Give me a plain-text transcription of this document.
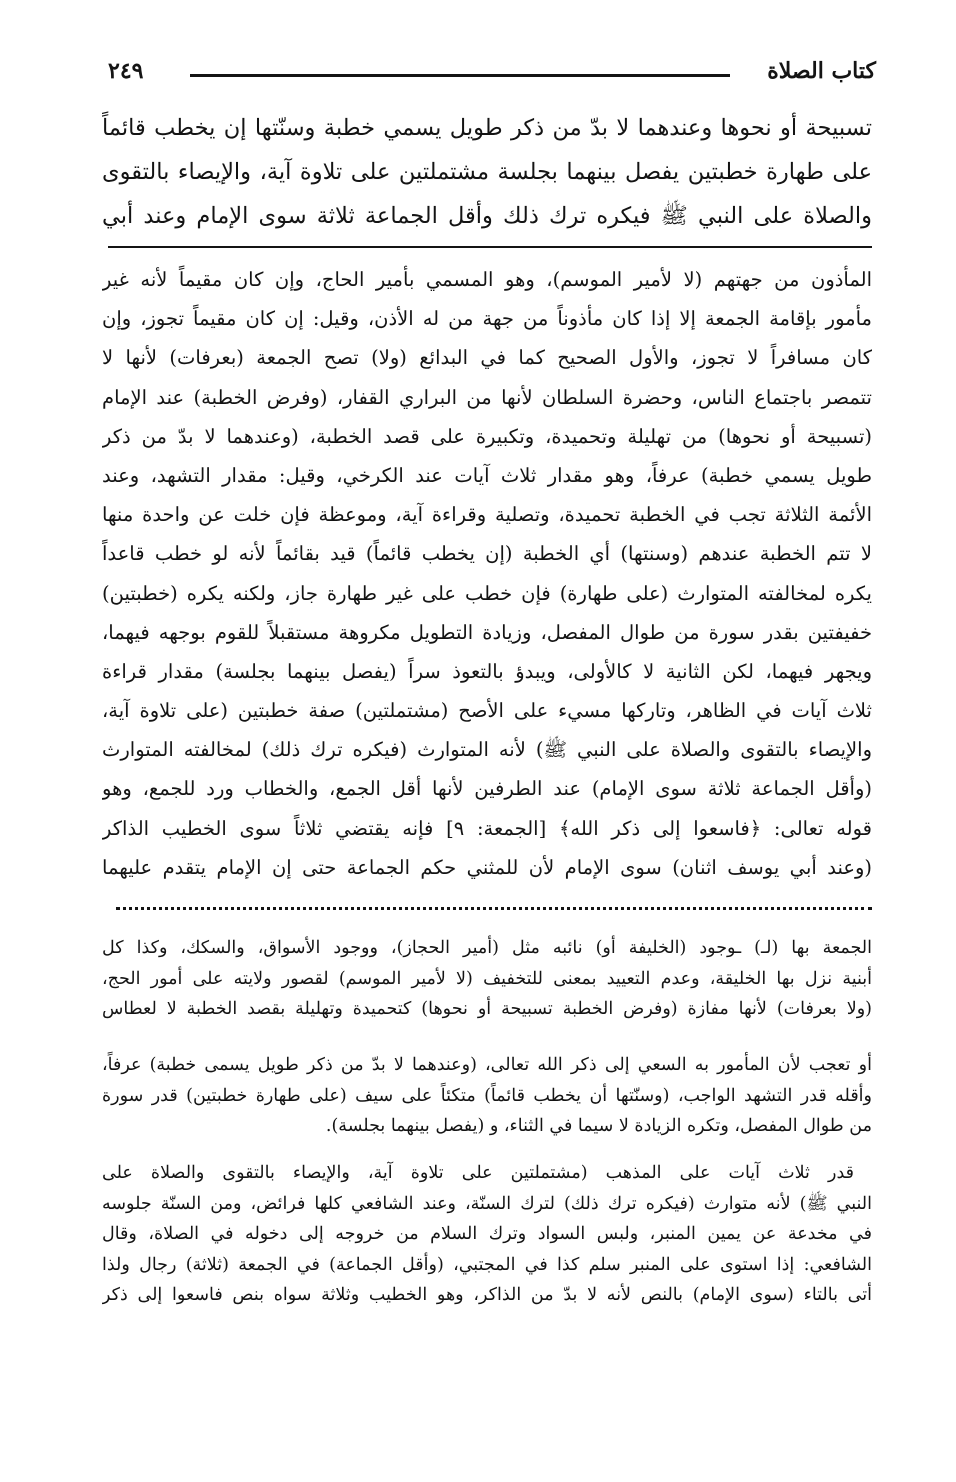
كتاب الصلاة
٢٤٩
تسبيحة أو نحوها وعندهما لا بدّ من ذكر طويل يسمي خطبة وسنّتها إن يخطب قائماً
على طهارة خطبتين يفصل بينهما بجلسة مشتملتين على تلاوة آية، والإيصاء بالتقوى
والصلاة على النبي ﷺ فيكره ترك ذلك وأقل الجماعة ثلاثة سوى الإمام وعند أبي
المأذون من جهتهم (لا لأمير الموسم)، وهو المسمي بأمير الحاج، وإن كان مقيماً لأنه غير
مأمور بإقامة الجمعة إلا إذا كان مأذوناً من جهة من له الأذن، وقيل: إن كان مقيماً تجوز، وإن
كان مسافراً لا تجوز، والأول الصحيح كما في البدائع (ولا) تصح الجمعة (بعرفات) لأنها لا
تتمصر باجتماع الناس، وحضرة السلطان لأنها من البراري القفار، (وفرض الخطبة) عند الإمام
(تسبيحة أو نحوها) من تهليلة وتحميدة، وتكبيرة على قصد الخطبة، (وعندهما لا بدّ من ذكر
طويل يسمي خطبة) عرفاً، وهو مقدار ثلاث آيات عند الكرخي، وقيل: مقدار التشهد، وعند
الأئمة الثلاثة تجب في الخطبة تحميدة، وتصلية وقراءة آية، وموعظة فإن خلت عن واحدة منها
لا تتم الخطبة عندهم (وسنتها) أي الخطبة (إن يخطب قائماً) قيد بقائماً لأنه لو خطب قاعداً
يكره لمخالفته المتوارث (على طهارة) فإن خطب على غير طهارة جاز، ولكنه يكره (خطبتين)
خفيفتين بقدر سورة من طوال المفصل، وزيادة التطويل مكروهة مستقبلاً للقوم بوجهه فيهما،
ويجهر فيهما، لكن الثانية لا كالأولى، ويبدؤ بالتعوذ سراً (يفصل بينهما بجلسة) مقدار قراءة
ثلاث آيات في الظاهر، وتاركها مسيء على الأصح (مشتملتين) صفة خطبتين (على تلاوة آية،
والإيصاء بالتقوى والصلاة على النبي ﷺ) لأنه المتوارث (فيكره ترك ذلك) لمخالفته المتوارث
(وأقل الجماعة ثلاثة سوى الإمام) عند الطرفين لأنها أقل الجمع، والخطاب ورد للجمع، وهو
قوله تعالى: ﴿فاسعوا إلى ذكر الله﴾ [الجمعة: ٩] فإنه يقتضي ثلاثاً سوى الخطيب الذاكر
(وعند أبي يوسف اثنان) سوى الإمام لأن للمثني حكم الجماعة حتى إن الإمام يتقدم عليهما
الجمعة بها (لـ) ـوجود (الخليفة أو) نائبه مثل (أمير الحجاز)، ووجود الأسواق، والسكك، وكذا كل
أبنية نزل بها الخليقة، وعدم التعييد بمعنى للتخفيف (لا لأمير الموسم) لقصور ولايته على أمور الحج،
(ولا بعرفات) لأنها مفازة (وفرض الخطبة تسبيحة أو نحوها) كتحميدة وتهليلة بقصد الخطبة لا لعطاس
أو تعجب لأن المأمور به السعي إلى ذكر الله تعالى، (وعندهما لا بدّ من ذكر طويل يسمى خطبة) عرفاً،
وأقله قدر التشهد الواجب، (وسنّتها أن يخطب قائماً) متكئاً على سيف (على طهارة خطبتين) قدر سورة
من طوال المفصل، وتكره الزيادة لا سيما في الثناء، و (يفصل بينهما بجلسة).
قدر ثلاث آيات على المذهب (مشتملتين على تلاوة آية، والإيصاء بالتقوى والصلاة على
النبي ﷺ) لأنه متوارث (فيكره ترك ذلك) لترك السنّة، وعند الشافعي كلها فرائض، ومن السنّة جلوسه
في مخدعة عن يمين المنبر، ولبس السواد وترك السلام من خروجه إلى دخوله في الصلاة، وقال
الشافعي: إذا استوى على المنبر سلم كذا في المجتبي، (وأقل الجماعة) في الجمعة (ثلاثة) رجال ولذا
أتى بالتاء (سوى الإمام) بالنص لأنه لا بدّ من الذاكر، وهو الخطيب وثلاثة سواه بنص فاسعوا إلى ذكر
